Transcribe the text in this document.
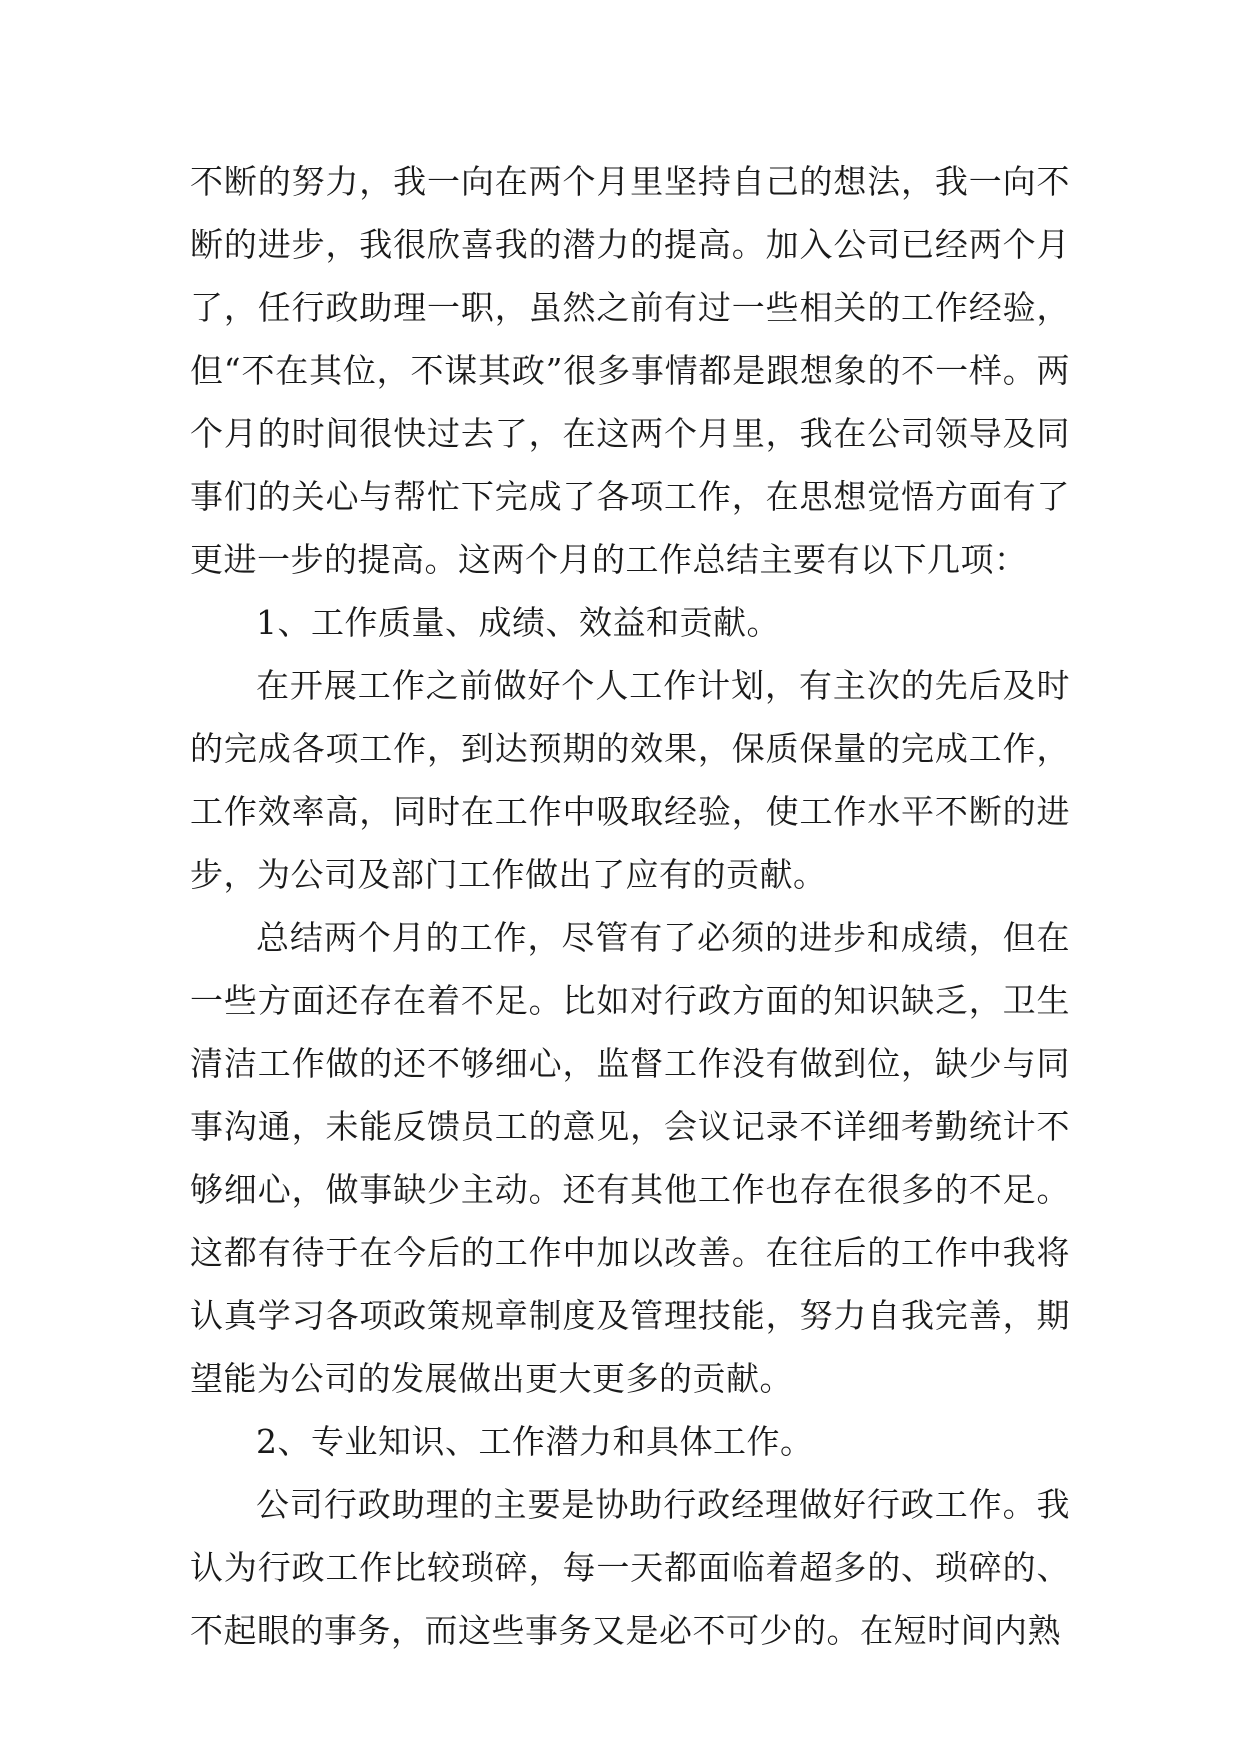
不断的努力，我一向在两个月里坚持自己的想法，我一向不断的进步，我很欣喜我的潜力的提高。加入公司已经两个月了，任行政助理一职，虽然之前有过一些相关的工作经验，但“不在其位，不谋其政”很多事情都是跟想象的不一样。两个月的时间很快过去了，在这两个月里，我在公司领导及同事们的关心与帮忙下完成了各项工作，在思想觉悟方面有了更进一步的提高。这两个月的工作总结主要有以下几项：

1、工作质量、成绩、效益和贡献。

在开展工作之前做好个人工作计划，有主次的先后及时的完成各项工作，到达预期的效果，保质保量的完成工作，工作效率高，同时在工作中吸取经验，使工作水平不断的进步，为公司及部门工作做出了应有的贡献。

总结两个月的工作，尽管有了必须的进步和成绩，但在一些方面还存在着不足。比如对行政方面的知识缺乏，卫生清洁工作做的还不够细心，监督工作没有做到位，缺少与同事沟通，未能反馈员工的意见，会议记录不详细考勤统计不够细心，做事缺少主动。还有其他工作也存在很多的不足。这都有待于在今后的工作中加以改善。在往后的工作中我将认真学习各项政策规章制度及管理技能，努力自我完善，期望能为公司的发展做出更大更多的贡献。

2、专业知识、工作潜力和具体工作。

公司行政助理的主要是协助行政经理做好行政工作。我认为行政工作比较琐碎，每一天都面临着超多的、琐碎的、不起眼的事务，而这些事务又是必不可少的。在短时间内熟
